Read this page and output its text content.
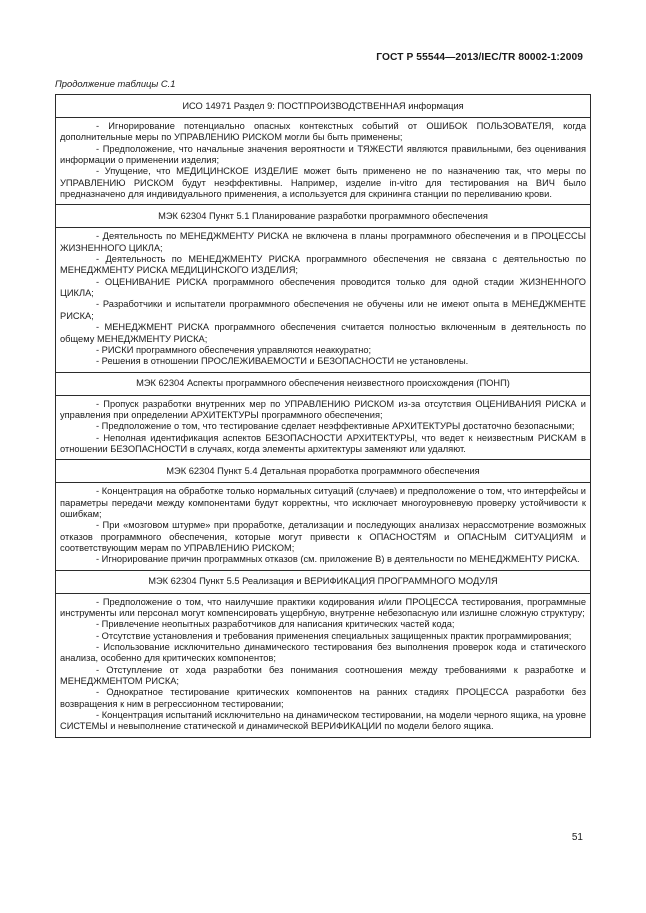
ГОСТ Р 55544—2013/IEC/TR 80002-1:2009
Продолжение таблицы С.1
ИСО 14971 Раздел 9: ПОСТПРОИЗВОДСТВЕННАЯ информация

- Игнорирование потенциально опасных контекстных событий от ОШИБОК ПОЛЬЗОВАТЕЛЯ, когда дополнительные меры по УПРАВЛЕНИЮ РИСКОМ могли бы быть применены;

- Предположение, что начальные значения вероятности и ТЯЖЕСТИ являются правильными, без оценивания информации о применении изделия;

- Упущение, что МЕДИЦИНСКОЕ ИЗДЕЛИЕ может быть применено не по назначению так, что меры по УПРАВЛЕНИЮ РИСКОМ будут неэффективны. Например, изделие in-vitro для тестирования на ВИЧ было предназначено для индивидуального применения, а используется для скрининга станции по переливанию крови.

МЭК 62304 Пункт 5.1 Планирование разработки программного обеспечения

- Деятельность по МЕНЕДЖМЕНТУ РИСКА не включена в планы программного обеспечения и в ПРОЦЕССЫ ЖИЗНЕННОГО ЦИКЛА;

- Деятельность по МЕНЕДЖМЕНТУ РИСКА программного обеспечения не связана с деятельностью по МЕНЕДЖМЕНТУ РИСКА МЕДИЦИНСКОГО ИЗДЕЛИЯ;

- ОЦЕНИВАНИЕ РИСКА программного обеспечения проводится только для одной стадии ЖИЗНЕННОГО ЦИКЛА;

- Разработчики и испытатели программного обеспечения не обучены или не имеют опыта в МЕНЕДЖМЕНТЕ РИСКА;

- МЕНЕДЖМЕНТ РИСКА программного обеспечения считается полностью включенным в деятельность по общему МЕНЕДЖМЕНТУ РИСКА;

- РИСКИ программного обеспечения управляются неаккуратно;

- Решения в отношении ПРОСЛЕЖИВАЕМОСТИ и БЕЗОПАСНОСТИ не установлены.

МЭК 62304 Аспекты программного обеспечения неизвестного происхождения (ПОНП)

- Пропуск разработки внутренних мер по УПРАВЛЕНИЮ РИСКОМ из-за отсутствия ОЦЕНИВАНИЯ РИСКА и управления при определении АРХИТЕКТУРЫ программного обеспечения;

- Предположение о том, что тестирование сделает неэффективные АРХИТЕКТУРЫ достаточно безопасными;

- Неполная идентификация аспектов БЕЗОПАСНОСТИ АРХИТЕКТУРЫ, что ведет к неизвестным РИСКАМ в отношении БЕЗОПАСНОСТИ в случаях, когда элементы архитектуры заменяют или удаляют.

МЭК 62304 Пункт 5.4 Детальная проработка программного обеспечения

- Концентрация на обработке только нормальных ситуаций (случаев) и предположение о том, что интерфейсы и параметры передачи между компонентами будут корректны, что исключает многоуровневую проверку устойчивости к ошибкам;

- При «мозговом штурме» при проработке, детализации и последующих анализах нерассмотрение возможных отказов программного обеспечения, которые могут привести к ОПАСНОСТЯМ и ОПАСНЫМ СИТУАЦИЯМ и соответствующим мерам по УПРАВЛЕНИЮ РИСКОМ;

- Игнорирование причин программных отказов (см. приложение В) в деятельности по МЕНЕДЖМЕНТУ РИСКА.

МЭК 62304 Пункт 5.5 Реализация и ВЕРИФИКАЦИЯ ПРОГРАММНОГО МОДУЛЯ

- Предположение о том, что наилучшие практики кодирования и/или ПРОЦЕССА тестирования, программные инструменты или персонал могут компенсировать ущербную, внутренне небезопасную или излишне сложную структуру;

- Привлечение неопытных разработчиков для написания критических частей кода;

- Отсутствие установления и требования применения специальных защищенных практик программирования;

- Использование исключительно динамического тестирования без выполнения проверок кода и статического анализа, особенно для критических компонентов;

- Отступление от хода разработки без понимания соотношения между требованиями к разработке и МЕНЕДЖМЕНТОМ РИСКА;

- Однократное тестирование критических компонентов на ранних стадиях ПРОЦЕССА разработки без возвращения к ним в регрессионном тестировании;

- Концентрация испытаний исключительно на динамическом тестировании, на модели черного ящика, на уровне СИСТЕМЫ и невыполнение статической и динамической ВЕРИФИКАЦИИ по модели белого ящика.

51
